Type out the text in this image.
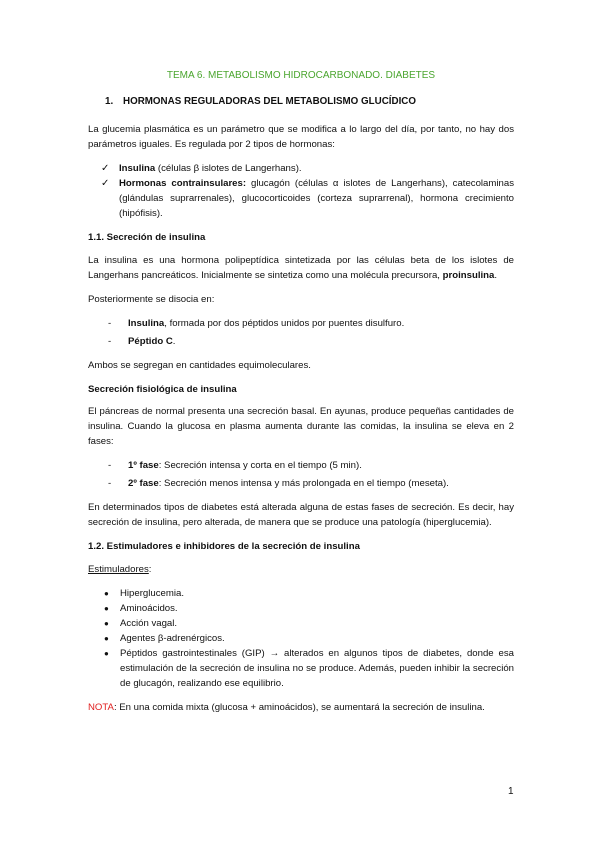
TEMA 6. METABOLISMO HIDROCARBONADO. DIABETES
1. HORMONAS REGULADORAS DEL METABOLISMO GLUCÍDICO

La glucemia plasmática es un parámetro que se modifica a lo largo del día, por tanto, no hay dos parámetros iguales. Es regulada por 2 tipos de hormonas:

✓ Insulina (células β islotes de Langerhans).
✓ Hormonas contrainsulares: glucagón (células α islotes de Langerhans), catecolaminas (glándulas suprarrenales), glucocorticoides (corteza suprarrenal), hormona crecimiento (hipófisis).
1.1. Secreción de insulina

La insulina es una hormona polipeptídica sintetizada por las células beta de los islotes de Langerhans pancreáticos. Inicialmente se sintetiza como una molécula precursora, proinsulina.

Posteriormente se disocia en:

- Insulina, formada por dos péptidos unidos por puentes disulfuro.
- Péptido C.

Ambos se segregan en cantidades equimoleculares.

Secreción fisiológica de insulina

El páncreas de normal presenta una secreción basal. En ayunas, produce pequeñas cantidades de insulina. Cuando la glucosa en plasma aumenta durante las comidas, la insulina se eleva en 2 fases:

- 1º fase: Secreción intensa y corta en el tiempo (5 min).
- 2º fase: Secreción menos intensa y más prolongada en el tiempo (meseta).

En determinados tipos de diabetes está alterada alguna de estas fases de secreción. Es decir, hay secreción de insulina, pero alterada, de manera que se produce una patología (hiperglucemia).

1.2. Estimuladores e inhibidores de la secreción de insulina

Estimuladores:

● Hiperglucemia.
● Aminoácidos.
● Acción vagal.
● Agentes β-adrenérgicos.
● Péptidos gastrointestinales (GIP) → alterados en algunos tipos de diabetes, donde esa estimulación de la secreción de insulina no se produce. Además, pueden inhibir la secreción de glucagón, realizando ese equilibrio.

NOTA: En una comida mixta (glucosa + aminoácidos), se aumentará la secreción de insulina.

1
